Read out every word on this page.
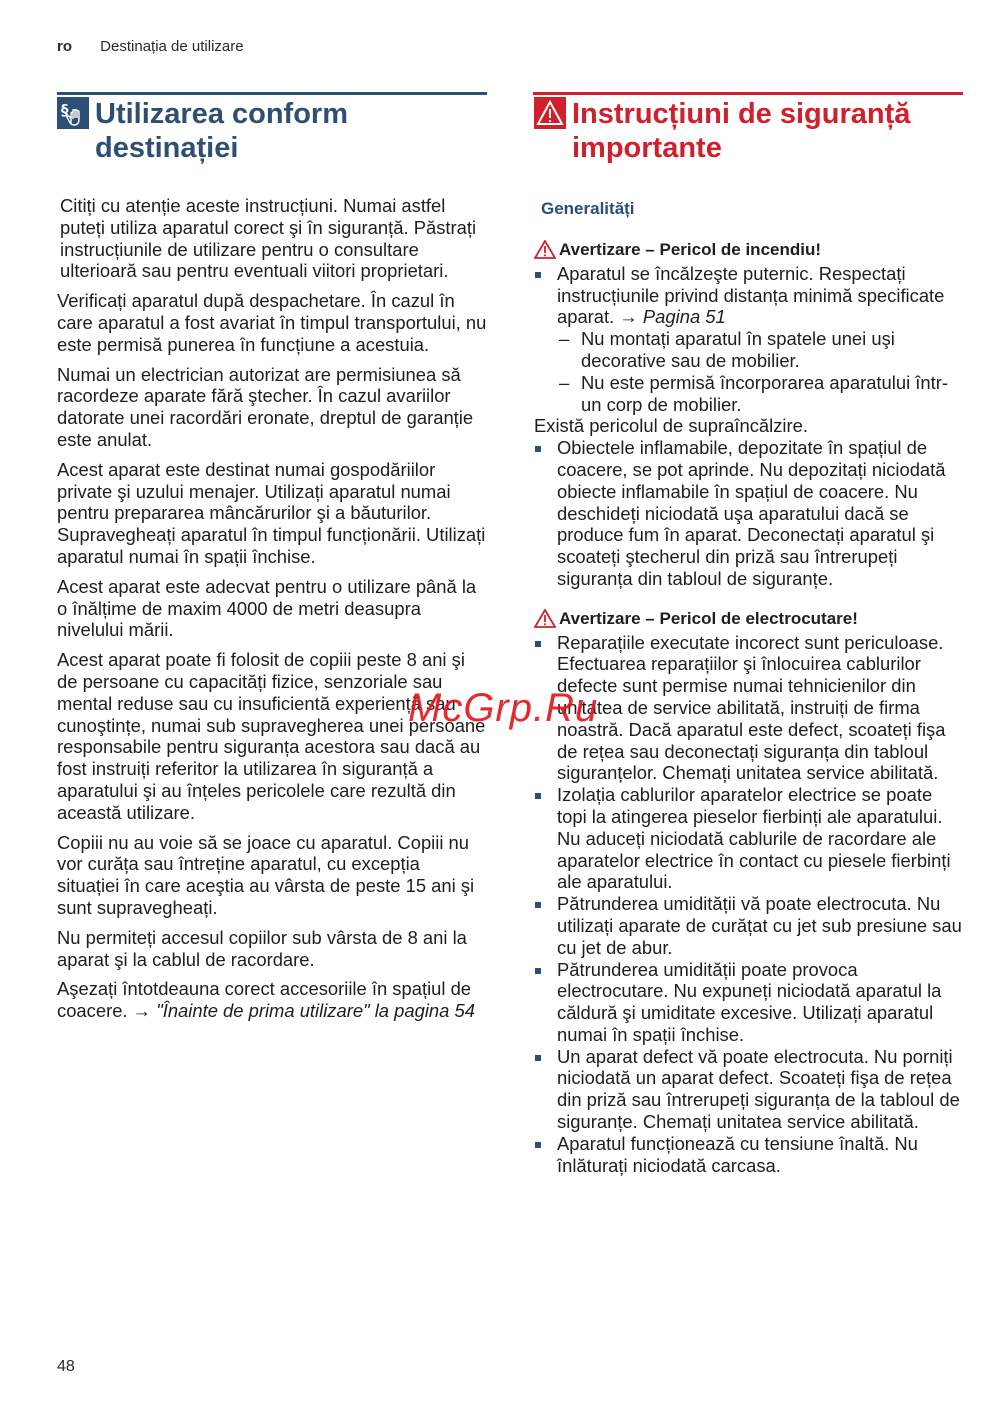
ro Destinația de utilizare
§ Utilizarea conform
destinației

Citiți cu atenție aceste instrucțiuni. Numai astfel puteți utiliza aparatul corect şi în siguranță. Păstrați instrucțiunile de utilizare pentru o consultare ulterioară sau pentru eventuali viitori proprietari.

Verificați aparatul după despachetare. În cazul în care aparatul a fost avariat în timpul transportului, nu este permisă punerea în funcțiune a acestuia.

Numai un electrician autorizat are permisiunea să racordeze aparate fără ştecher. În cazul avariilor datorate unei racordări eronate, dreptul de garanție este anulat.

Acest aparat este destinat numai gospodăriilor private şi uzului menajer. Utilizați aparatul numai pentru prepararea mâncărurilor şi a băuturilor. Supravegheați aparatul în timpul funcționării. Utilizați aparatul numai în spații închise.

Acest aparat este adecvat pentru o utilizare până la o înălțime de maxim 4000 de metri deasupra nivelului mării.

Acest aparat poate fi folosit de copiii peste 8 ani şi de persoane cu capacități fizice, senzoriale sau mental reduse sau cu insuficientă experiență sau cunoştințe, numai sub supravegherea unei persoane responsabile pentru siguranța acestora sau dacă au fost instruiți referitor la utilizarea în siguranță a aparatului şi au înțeles pericolele care rezultă din această utilizare.

Copiii nu au voie să se joace cu aparatul. Copiii nu vor curăța sau întreține aparatul, cu excepția situației în care aceştia au vârsta de peste 15 ani şi sunt supravegheați.

Nu permiteți accesul copiilor sub vârsta de 8 ani la aparat şi la cablul de racordare.

Aşezați întotdeauna corect accesoriile în spațiul de coacere. → "Înainte de prima utilizare" la pagina 54

Instrucțiuni de siguranță
importante
Generalități
Avertizare – Pericol de incendiu!
Aparatul se încălzeşte puternic. Respectați instrucțiunile privind distanța minimă specificate aparat. → Pagina 51
– Nu montați aparatul în spatele unei uşi decorative sau de mobilier.
– Nu este permisă încorporarea aparatului într-un corp de mobilier.
Există pericolul de supraîncălzire.
Obiectele inflamabile, depozitate în spațiul de coacere, se pot aprinde. Nu depozitați niciodată obiecte inflamabile în spațiul de coacere. Nu deschideți niciodată uşa aparatului dacă se produce fum în aparat. Deconectați aparatul şi scoateți ştecherul din priză sau întrerupeți siguranța din tabloul de siguranțe.
Avertizare – Pericol de electrocutare!
Reparațiile executate incorect sunt periculoase. Efectuarea reparațiilor şi înlocuirea cablurilor defecte sunt permise numai tehnicienilor din unitatea de service abilitată, instruiți de firma noastră. Dacă aparatul este defect, scoateți fişa de rețea sau deconectați siguranța din tabloul siguranțelor. Chemați unitatea service abilitată.
Izolația cablurilor aparatelor electrice se poate topi la atingerea pieselor fierbinți ale aparatului. Nu aduceți niciodată cablurile de racordare ale aparatelor electrice în contact cu piesele fierbinți ale aparatului.
Pătrunderea umidității vă poate electrocuta. Nu utilizați aparate de curățat cu jet sub presiune sau cu jet de abur.
Pătrunderea umidității poate provoca electrocutare. Nu expuneți niciodată aparatul la căldură şi umiditate excesive. Utilizați aparatul numai în spații închise.
Un aparat defect vă poate electrocuta. Nu porniți niciodată un aparat defect. Scoateți fişa de rețea din priză sau întrerupeți siguranța de la tabloul de siguranțe. Chemați unitatea service abilitată.
Aparatul funcționează cu tensiune înaltă. Nu înlăturați niciodată carcasa.
McGrp.Ru
48
